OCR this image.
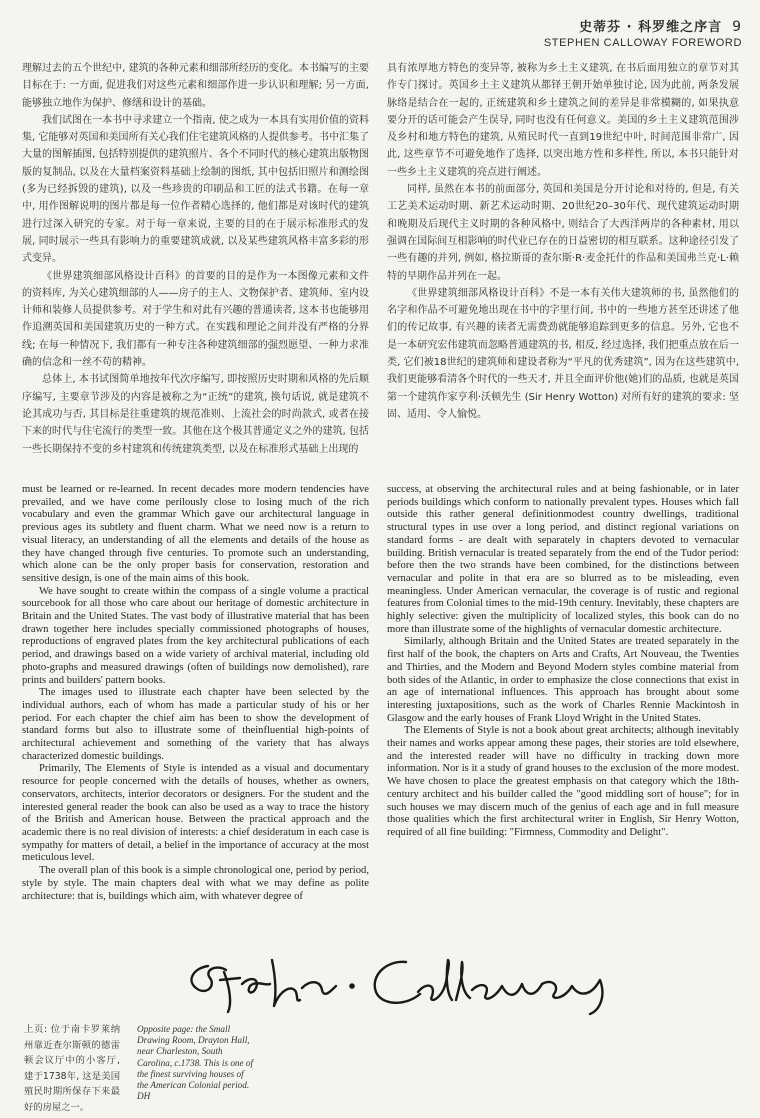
史蒂芬 · 科罗维之序言 9
STEPHEN CALLOWAY FOREWORD

理解过去的五个世纪中, 建筑的各种元素和细部所经历的变化。本书编写的主要目标在于: 一方面, 促进我们对这些元素和细部作进一步认识和理解; 另一方面, 能够独立地作为保护、修缮和设计的基础。

我们试图在一本书中寻求建立一个指南, 使之成为一本具有实用价值的资料集, 它能够对英国和美国所有关心我们住宅建筑风格的人提供参考。书中汇集了大量的图解插图, 包括特别提供的建筑照片、各个不同时代的核心建筑出版物图版的复制品, 以及在大量档案资料基础上绘制的图纸, 其中包括旧照片和测绘图(多为已经拆毁的建筑), 以及一些珍贵的印刷品和工匠的法式书籍。在每一章中, 用作图解说明的图片都是每一位作者精心选择的, 他们都是对该时代的建筑进行过深入研究的专家。对于每一章来说, 主要的目的在于展示标准形式的发展, 同时展示一些具有影响力的重要建筑成就, 以及某些建筑风格丰富多彩的形式变异。

《世界建筑细部风格设计百科》的首要的目的是作为一本图像元素和文件的资料库, 为关心建筑细部的人——房子的主人、文物保护者、建筑师、室内设计师和装修人员提供参考。对于学生和对此有兴趣的普通读者, 这本书也能够用作追溯英国和美国建筑历史的一种方式。在实践和理论之间并没有严格的分界线; 在每一种情况下, 我们都有一种专注各种建筑细部的强烈愿望、一种力求准确的信念和一丝不苟的精神。

总体上, 本书试图简单地按年代次序编写, 即按照历史时期和风格的先后顺序编写, 主要章节涉及的内容是被称之为“正统”的建筑, 换句话说, 就是建筑不论其成功与否, 其目标是往重建筑的规范准则、上流社会的时尚款式, 或者在接下来的时代与住宅流行的类型一致。其他在这个极其普通定义之外的建筑, 包括一些长期保持不变的乡村建筑和传统建筑类型, 以及在标准形式基础上出现的

具有浓厚地方特色的变异等, 被称为乡土主义建筑, 在书后面用独立的章节对其作专门探讨。英国乡土主义建筑从都铎王朝开始单独讨论, 因为此前, 两条发展脉络是结合在一起的, 正统建筑和乡土建筑之间的差异是非常模糊的, 如果执意要分开的话可能会产生误导, 同时也没有任何意义。美国的乡土主义建筑范围涉及乡村和地方特色的建筑, 从殖民时代一直到19世纪中叶, 时间范围非常广, 因此, 这些章节不可避免地作了选择, 以突出地方性和多样性, 所以, 本书只能针对一些乡土主义建筑的亮点进行阐述。

同样, 虽然在本书的前面部分, 英国和美国是分开讨论和对待的, 但是, 有关工艺美术运动时期、新艺术运动时期、20世纪20–30年代、现代建筑运动时期和晚期及后现代主义时期的各种风格中, 则结合了大西洋两岸的各种素材, 用以强调在国际间互相影响的时代业已存在的日益密切的相互联系。这种途径引发了一些有趣的并列, 例如, 格拉斯哥的查尔斯·R·麦金托什的作品和美国弗兰克·L·赖特的早期作品并列在一起。

《世界建筑细部风格设计百科》不是一本有关伟大建筑师的书, 虽然他们的名字和作品不可避免地出现在书中的字里行间, 书中的一些地方甚至还讲述了他们的传记故事, 有兴趣的读者无需费劲就能够追踪到更多的信息。另外, 它也不是一本研究宏伟建筑而忽略普通建筑的书, 相反, 经过选择, 我们把重点放在后一类, 它们被18世纪的建筑师和建设者称为“平凡的优秀建筑”, 因为在这些建筑中, 我们更能够看清各个时代的一些天才, 并且全面评价他(她)们的品质, 也就是英国第一个建筑作家亨利·沃顿先生 (Sir Henry Wotton) 对所有好的建筑的要求: 坚固、适用、令人愉悦。

must be learned or re-learned. In recent decades more modern tendencies have prevailed, and we have come perilously close to losing much of the rich vocabulary and even the grammar Which gave our architectural language in previous ages its subtlety and fluent charm. What we need now is a return to visual literacy, an understanding of all the elements and details of the house as they have changed through five centuries. To promote such an understanding, which alone can be the only proper basis for conservation, restoration and sensitive design, is one of the main aims of this book.

We have sought to create within the compass of a single volume a practical sourcebook for all those who care about our heritage of domestic architecture in Britain and the United States. The vast body of illustrative material that has been drawn together here includes specially commissioned photographs of houses, reproductions of engraved plates from the key architectural publications of each period, and drawings based on a wide variety of archival material, including old photo-graphs and measured drawings (often of buildings now demolished), rare prints and builders' pattern books.

The images used to illustrate each chapter have been selected by the individual authors, each of whom has made a particular study of his or her period. For each chapter the chief aim has been to show the development of standard forms but also to illustrate some of theinfluential high-points of architectural achievement and something of the variety that has always characterized domestic buildings.

Primarily, The Elements of Style is intended as a visual and documentary resource for people concerned with the details of houses, whether as owners, conservators, architects, interior decorators or designers. For the student and the interested general reader the book can also be used as a way to trace the history of the British and American house. Between the practical approach and the academic there is no real division of interests: a chief desideratum in each case is sympathy for matters of detail, a belief in the importance of accuracy at the most meticulous level.

The overall plan of this book is a simple chronological one, period by period, style by style. The main chapters deal with what we may define as polite architecture: that is, buildings which aim, with whatever degree of

success, at observing the architectural rules and at being fashionable, or in later periods buildings which conform to nationally prevalent types. Houses which fall outside this rather general definitionmodest country dwellings, traditional structural types in use over a long period, and distinct regional variations on standard forms - are dealt with separately in chapters devoted to vernacular building. British vernacular is treated separately from the end of the Tudor period: before then the two strands have been combined, for the distinctions between vernacular and polite in that era are so blurred as to be misleading, even meaningless. Under American vernacular, the coverage is of rustic and regional features from Colonial times to the mid-19th century. Inevitably, these chapters are highly selective: given the multiplicity of localized styles, this book can do no more than illustrate some of the highlights of vernacular domestic architecture.

Similarly, although Britain and the United States are treated separately in the first half of the book, the chapters on Arts and Crafts, Art Nouveau, the Twenties and Thirties, and the Modern and Beyond Modern styles combine material from both sides of the Atlantic, in order to emphasize the close connections that exist in an age of international influences. This approach has brought about some interesting juxtapositions, such as the work of Charles Rennie Mackintosh in Glasgow and the early houses of Frank Lloyd Wright in the United States.

The Elements of Style is not a book about great architects; although inevitably their names and works appear among these pages, their stories are told elsewhere, and the interested reader will have no difficulty in tracking down more information. Nor is it a study of grand houses to the exclusion of the more modest. We have chosen to place the greatest emphasis on that category which the 18th-century architect and his builder called the "good middling sort of house"; for in such houses we may discern much of the genius of each age and in full measure those qualities which the first architectural writer in English, Sir Henry Wotton, required of all fine building: "Firmness, Commodity and Delight".

上页: 位于南卡罗莱纳州靠近查尔斯顿的德雷顿会议厅中的小客厅, 建于1738年, 这是美国殖民时期所保存下来最好的房屋之一。
Opposite page: the Small Drawing Room, Drayton Hall, near Charleston, South Carolina, c.1738. This is one of the finest surviving houses of the American Colonial period. DH
